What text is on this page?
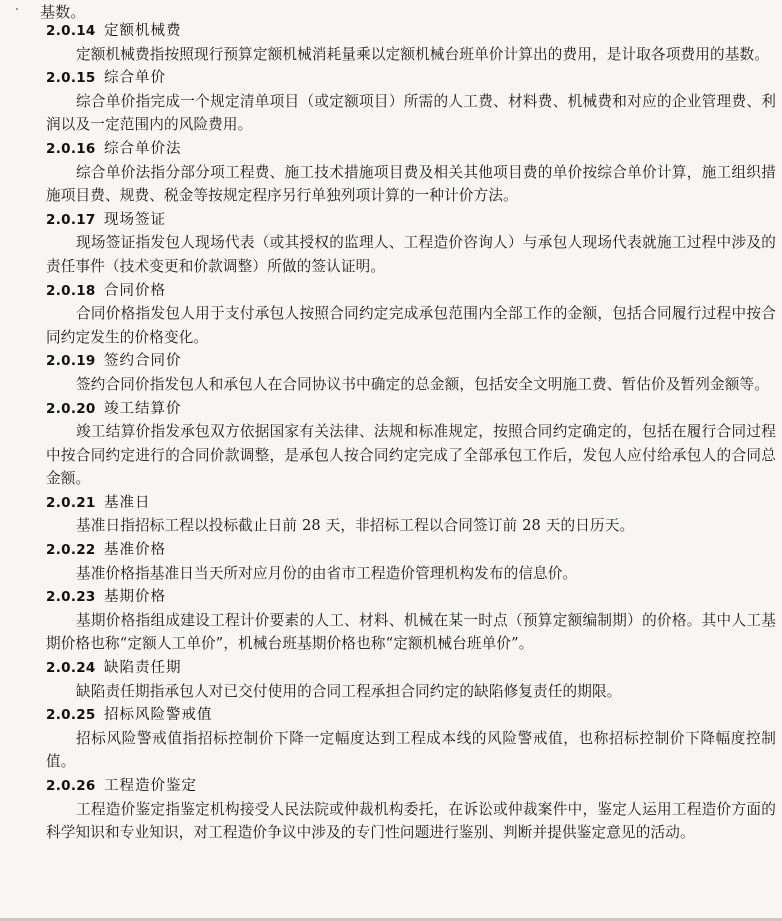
基数。
2.0.14 定额机械费

定额机械费指按照现行预算定额机械消耗量乘以定额机械台班单价计算出的费用，是计取各项费用的基数。

2.0.15 综合单价

综合单价指完成一个规定清单项目（或定额项目）所需的人工费、材料费、机械费和对应的企业管理费、利润以及一定范围内的风险费用。

2.0.16 综合单价法

综合单价法指分部分项工程费、施工技术措施项目费及相关其他项目费的单价按综合单价计算，施工组织措施项目费、规费、税金等按规定程序另行单独列项计算的一种计价方法。

2.0.17 现场签证

现场签证指发包人现场代表（或其授权的监理人、工程造价咨询人）与承包人现场代表就施工过程中涉及的责任事件（技术变更和价款调整）所做的签认证明。

2.0.18 合同价格

合同价格指发包人用于支付承包人按照合同约定完成承包范围内全部工作的金额，包括合同履行过程中按合同约定发生的价格变化。

2.0.19 签约合同价

签约合同价指发包人和承包人在合同协议书中确定的总金额，包括安全文明施工费、暂估价及暂列金额等。

2.0.20 竣工结算价

竣工结算价指发承包双方依据国家有关法律、法规和标准规定，按照合同约定确定的，包括在履行合同过程中按合同约定进行的合同价款调整，是承包人按合同约定完成了全部承包工作后，发包人应付给承包人的合同总金额。

2.0.21 基准日

基准日指招标工程以投标截止日前 28 天，非招标工程以合同签订前 28 天的日历天。

2.0.22 基准价格

基准价格指基准日当天所对应月份的由省市工程造价管理机构发布的信息价。

2.0.23 基期价格

基期价格指组成建设工程计价要素的人工、材料、机械在某一时点（预算定额编制期）的价格。其中人工基期价格也称“定额人工单价”，机械台班基期价格也称“定额机械台班单价”。

2.0.24 缺陷责任期

缺陷责任期指承包人对已交付使用的合同工程承担合同约定的缺陷修复责任的期限。

2.0.25 招标风险警戒值

招标风险警戒值指招标控制价下降一定幅度达到工程成本线的风险警戒值，也称招标控制价下降幅度控制值。

2.0.26 工程造价鉴定

工程造价鉴定指鉴定机构接受人民法院或仲裁机构委托，在诉讼或仲裁案件中，鉴定人运用工程造价方面的科学知识和专业知识，对工程造价争议中涉及的专门性问题进行鉴别、判断并提供鉴定意见的活动。
